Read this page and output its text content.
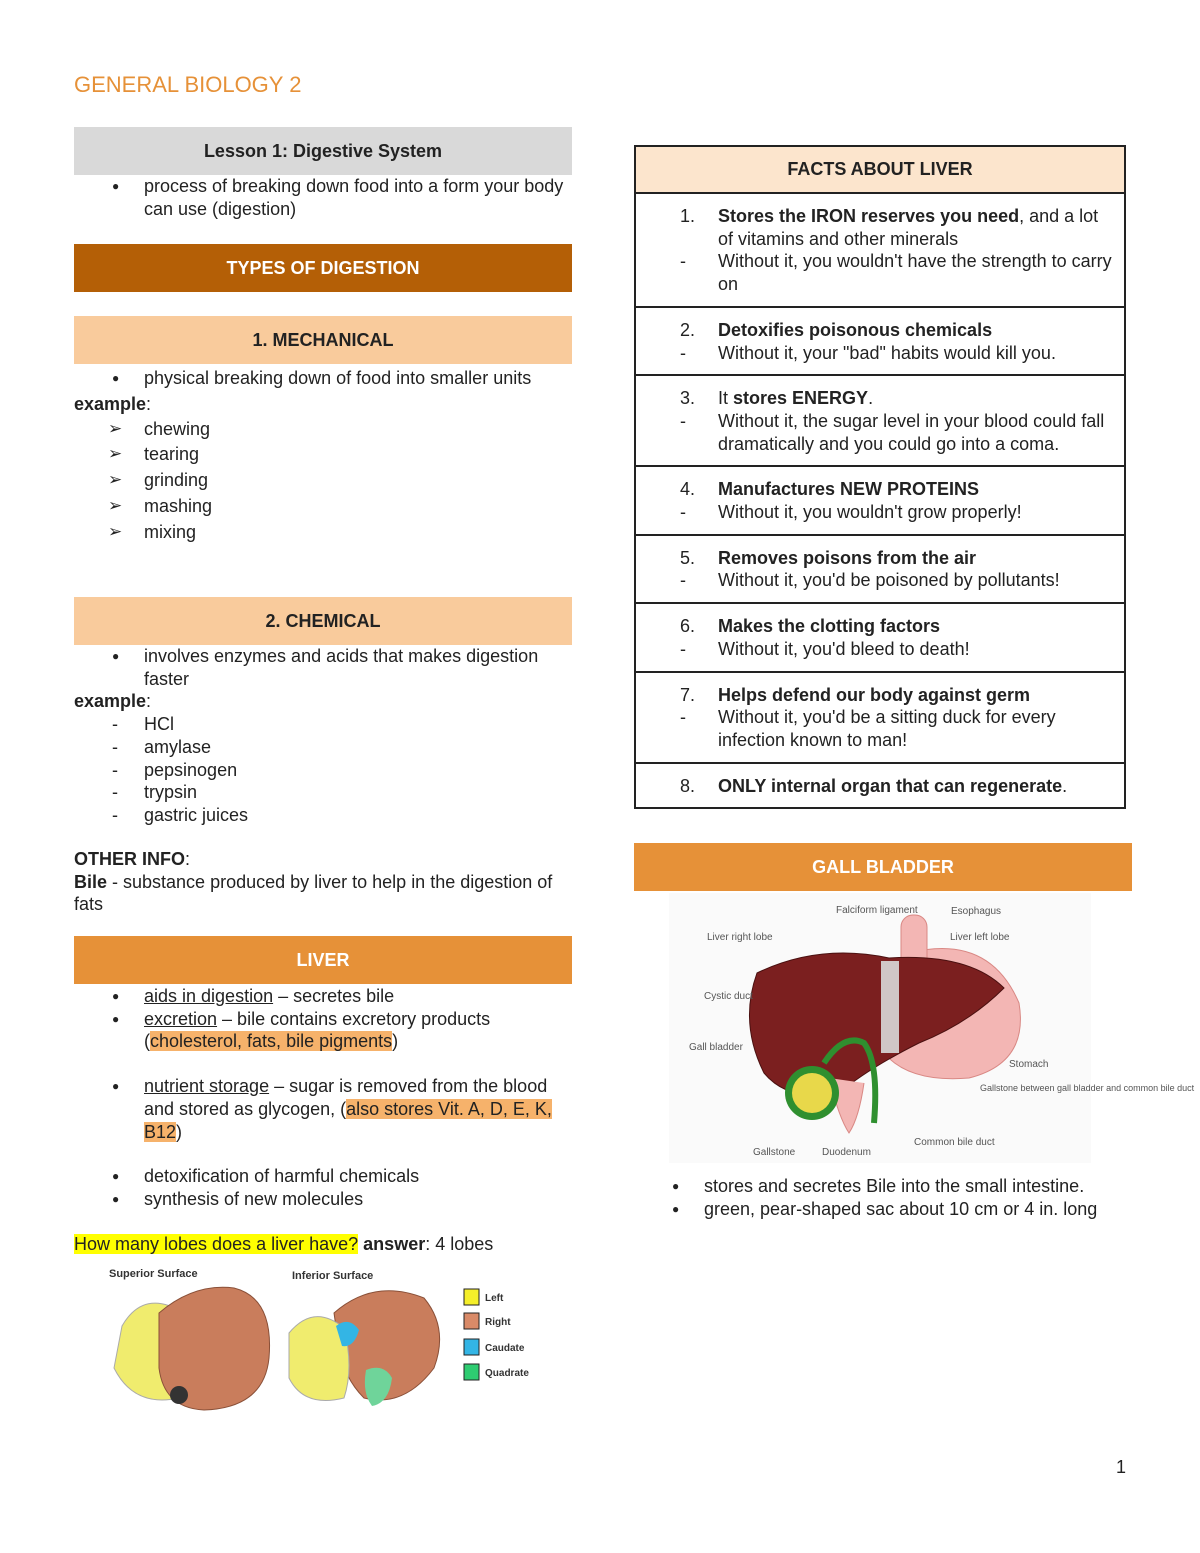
GENERAL BIOLOGY 2
Lesson 1: Digestive System
● process of breaking down food into a form your body can use (digestion)
TYPES OF DIGESTION
1. MECHANICAL
● physical breaking down of food into smaller units
example:
➢ chewing
➢ tearing
➢ grinding
➢ mashing
➢ mixing
2. CHEMICAL
● involves enzymes and acids that makes digestion faster
example:
- HCl
- amylase
- pepsinogen
- trypsin
- gastric juices
OTHER INFO:
Bile - substance produced by liver to help in the digestion of fats
LIVER
● aids in digestion – secretes bile
● excretion – bile contains excretory products (cholesterol, fats, bile pigments)
● nutrient storage – sugar is removed from the blood and stored as glycogen, (also stores Vit. A, D, E, K, B12)
● detoxification of harmful chemicals
● synthesis of new molecules
How many lobes does a liver have? answer: 4 lobes
Superior Surface	Inferior Surface
Left
Right
Caudate
Quadrate
FACTS ABOUT LIVER
1.	Stores the IRON reserves you need, and a lot of vitamins and other minerals
- Without it, you wouldn't have the strength to carry on
2.	Detoxifies poisonous chemicals
- Without it, your "bad" habits would kill you.
3.	It stores ENERGY.
- Without it, the sugar level in your blood could fall dramatically and you could go into a coma.
4.	Manufactures NEW PROTEINS
- Without it, you wouldn't grow properly!
5.	Removes poisons from the air
- Without it, you'd be poisoned by pollutants!
6.	Makes the clotting factors
- Without it, you'd bleed to death!
7.	Helps defend our body against germ
- Without it, you'd be a sitting duck for every infection known to man!
8.	ONLY internal organ that can regenerate.
GALL BLADDER
Falciform ligament	Esophagus
Liver right lobe	Liver left lobe
Cystic duct
Gall bladder
Stomach
Gallstone between gall bladder and common bile duct
Gallstone	Duodenum
Common bile duct
● stores and secretes Bile into the small intestine.
● green, pear-shaped sac about 10 cm or 4 in. long
1
